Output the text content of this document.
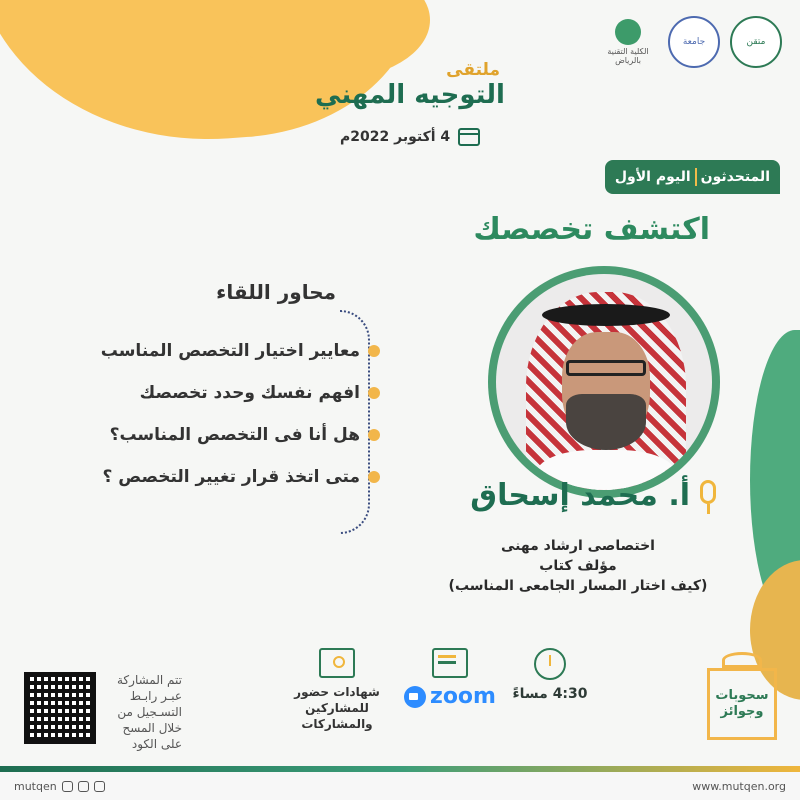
الكلية التقنية بالرياض
جامعة	متقن
ملتقى
التوجيه المهني
4 أكتوبر 2022م
المتحدثون
اليوم الأول
اكتشف تخصصك
أ. محمد إسحاق
اختصاصى ارشاد مهنى
مؤلف كتاب
(كيف اختار المسار الجامعى المناسب)
محاور اللقاء
معايير اختيار التخصص المناسب
افهم نفسك وحدد تخصصك
هل أنا فى التخصص المناسب؟
متى اتخذ قرار تغيير التخصص ؟
شهادات حضور للمشاركين والمشاركات
zoom 4:30 مساءً
تتم المشاركة عبـر رابـط التسـجيل من خلال المسح على الكود
سحوبات وجوائز
mutqen	www.mutqen.org
